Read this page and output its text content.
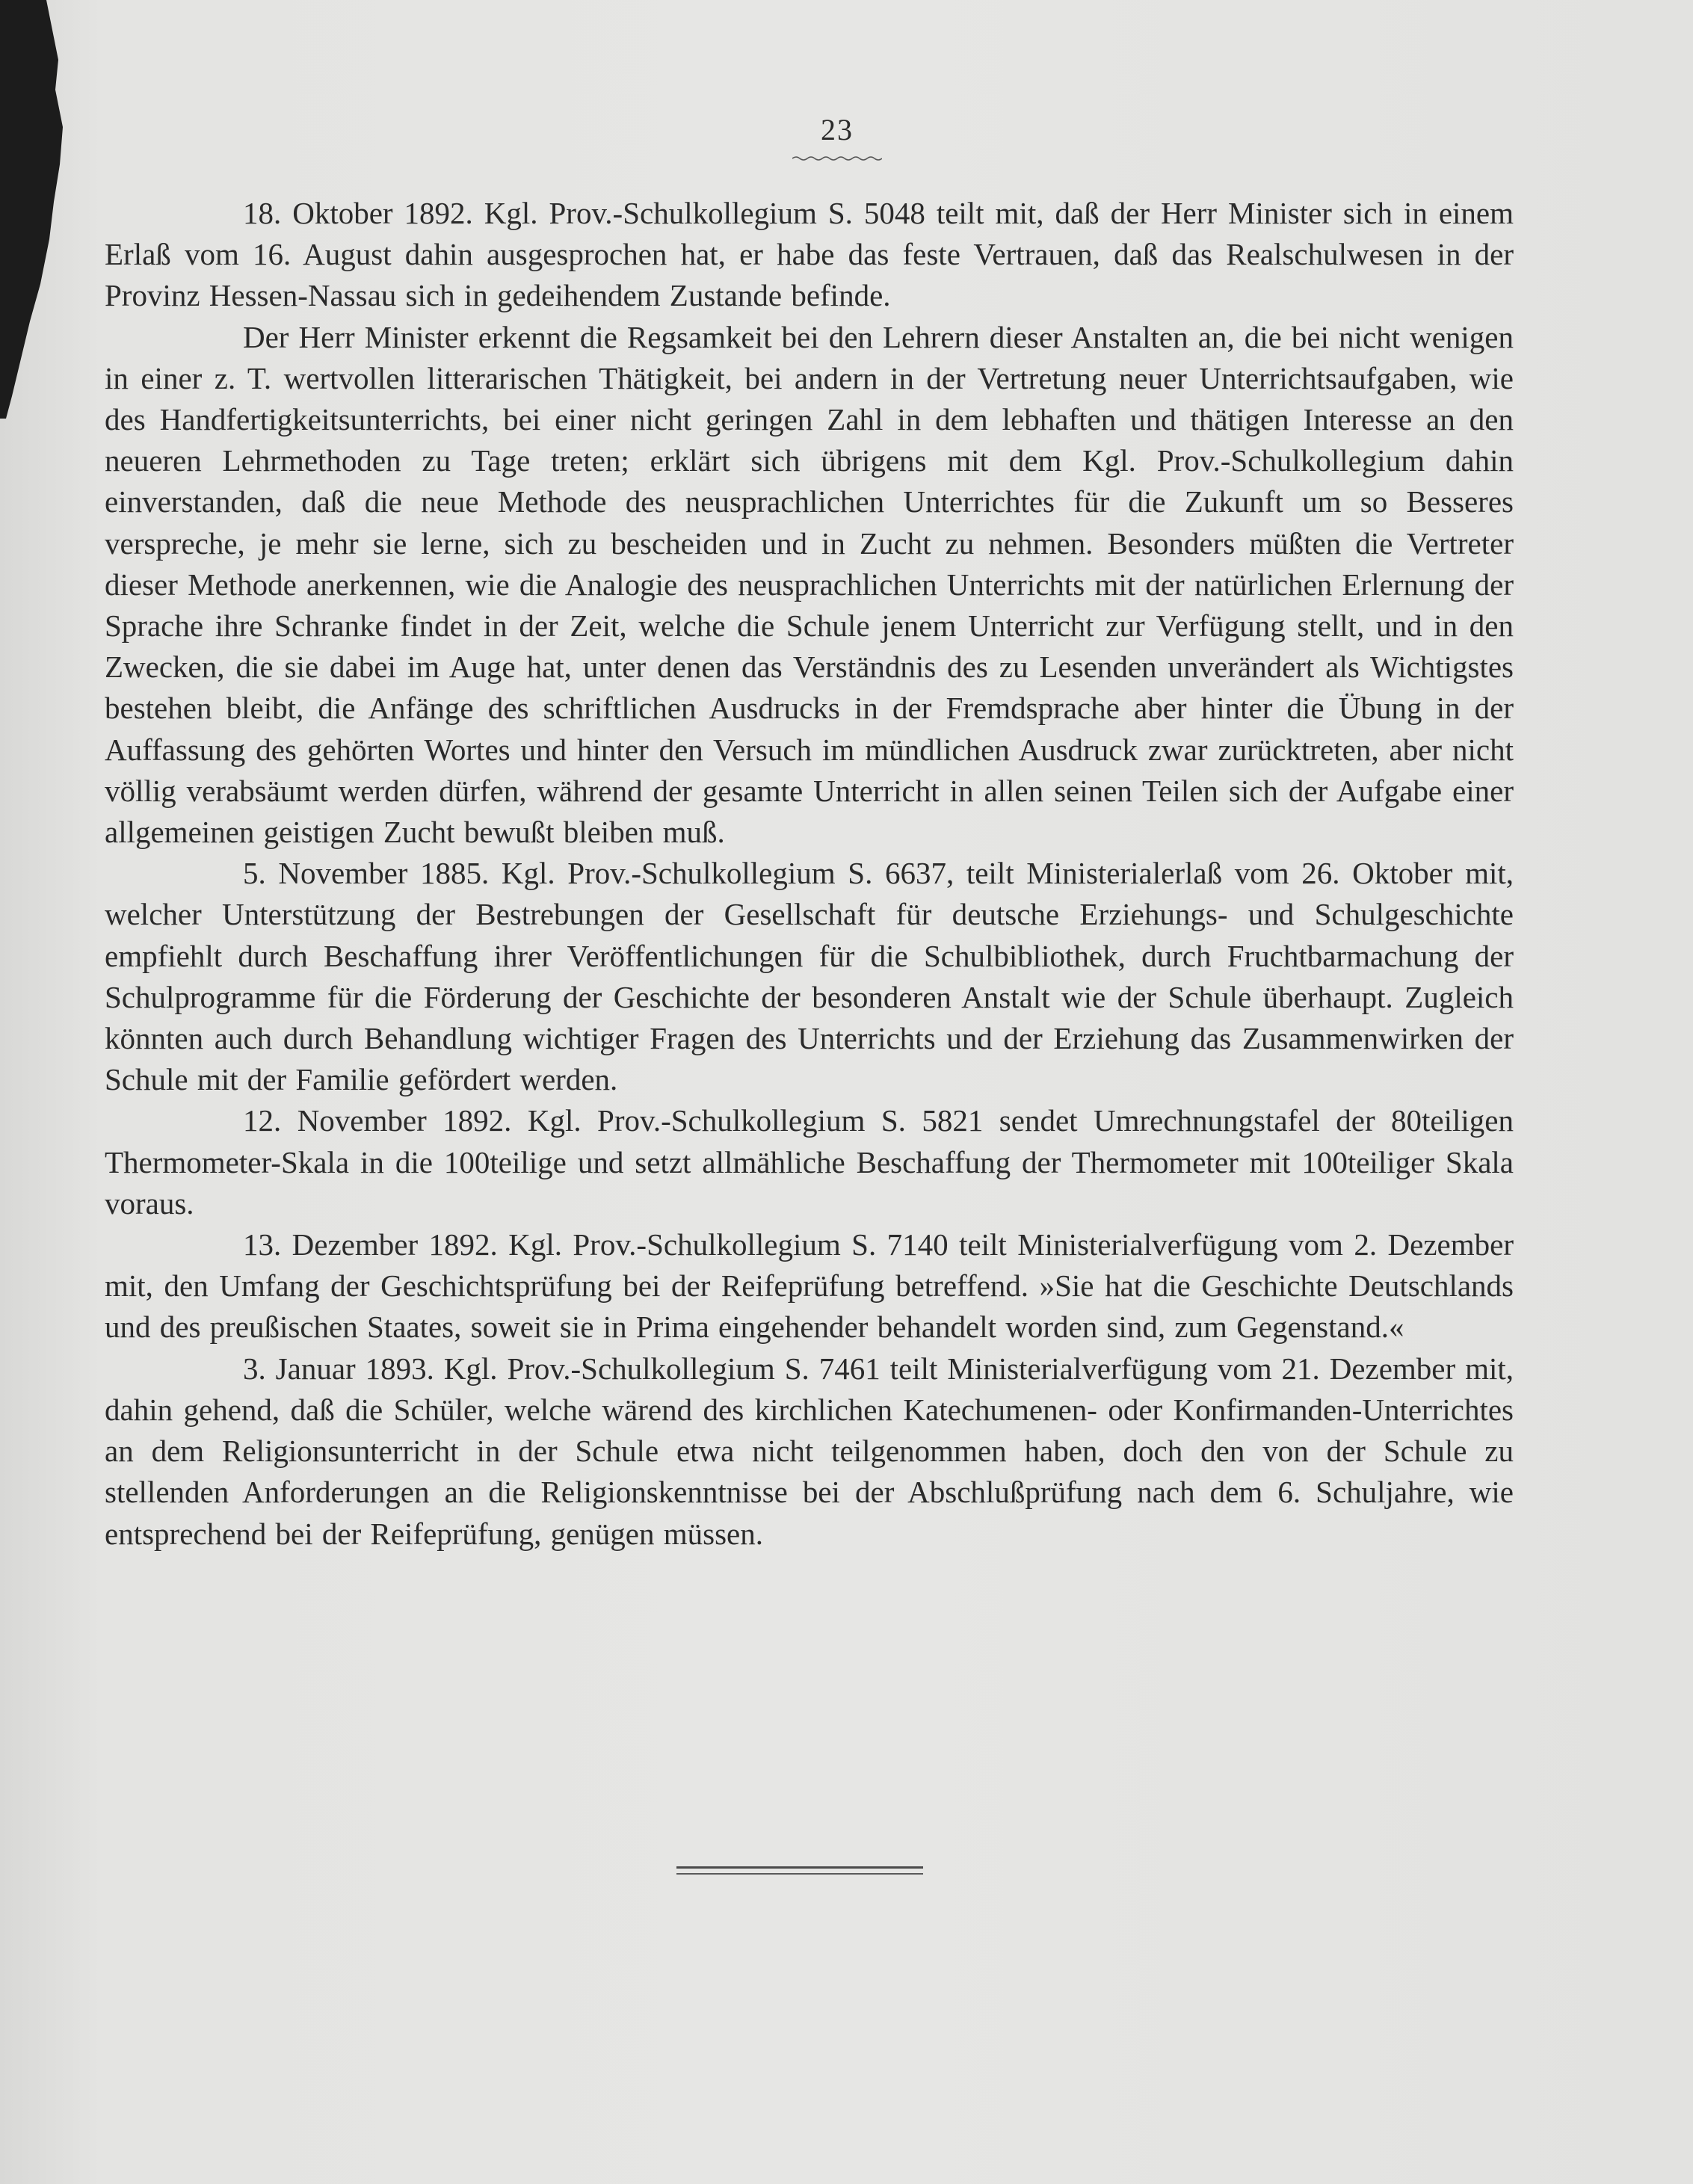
23

18. Oktober 1892. Kgl. Prov.-Schulkollegium S. 5048 teilt mit, daß der Herr Minister sich in einem Erlaß vom 16. August dahin ausgesprochen hat, er habe das feste Vertrauen, daß das Realschulwesen in der Provinz Hessen-Nassau sich in gedeihendem Zustande befinde.

Der Herr Minister erkennt die Regsamkeit bei den Lehrern dieser Anstalten an, die bei nicht wenigen in einer z. T. wertvollen litterarischen Thätigkeit, bei andern in der Vertretung neuer Unterrichtsaufgaben, wie des Handfertigkeitsunterrichts, bei einer nicht geringen Zahl in dem lebhaften und thätigen Interesse an den neueren Lehrmethoden zu Tage treten; erklärt sich übrigens mit dem Kgl. Prov.-Schulkollegium dahin einverstanden, daß die neue Methode des neusprachlichen Unterrichtes für die Zukunft um so Besseres verspreche, je mehr sie lerne, sich zu bescheiden und in Zucht zu nehmen. Besonders müßten die Vertreter dieser Methode anerkennen, wie die Analogie des neusprachlichen Unterrichts mit der natürlichen Erlernung der Sprache ihre Schranke findet in der Zeit, welche die Schule jenem Unterricht zur Verfügung stellt, und in den Zwecken, die sie dabei im Auge hat, unter denen das Verständnis des zu Lesenden unverändert als Wichtigstes bestehen bleibt, die Anfänge des schriftlichen Ausdrucks in der Fremdsprache aber hinter die Übung in der Auffassung des gehörten Wortes und hinter den Versuch im mündlichen Ausdruck zwar zurücktreten, aber nicht völlig verabsäumt werden dürfen, während der gesamte Unterricht in allen seinen Teilen sich der Aufgabe einer allgemeinen geistigen Zucht bewußt bleiben muß.

5. November 1885. Kgl. Prov.-Schulkollegium S. 6637, teilt Ministerialerlaß vom 26. Oktober mit, welcher Unterstützung der Bestrebungen der Gesellschaft für deutsche Erziehungs- und Schulgeschichte empfiehlt durch Beschaffung ihrer Veröffentlichungen für die Schulbibliothek, durch Fruchtbarmachung der Schulprogramme für die Förderung der Geschichte der besonderen Anstalt wie der Schule überhaupt. Zugleich könnten auch durch Behandlung wichtiger Fragen des Unterrichts und der Erziehung das Zusammenwirken der Schule mit der Familie gefördert werden.

12. November 1892. Kgl. Prov.-Schulkollegium S. 5821 sendet Umrechnungstafel der 80teiligen Thermometer-Skala in die 100teilige und setzt allmähliche Beschaffung der Thermometer mit 100teiliger Skala voraus.

13. Dezember 1892. Kgl. Prov.-Schulkollegium S. 7140 teilt Ministerialverfügung vom 2. Dezember mit, den Umfang der Geschichtsprüfung bei der Reifeprüfung betreffend. »Sie hat die Geschichte Deutschlands und des preußischen Staates, soweit sie in Prima eingehender behandelt worden sind, zum Gegenstand.«

3. Januar 1893. Kgl. Prov.-Schulkollegium S. 7461 teilt Ministerialverfügung vom 21. Dezember mit, dahin gehend, daß die Schüler, welche wärend des kirchlichen Katechumenen- oder Konfirmanden-Unterrichtes an dem Religionsunterricht in der Schule etwa nicht teilgenommen haben, doch den von der Schule zu stellenden Anforderungen an die Religionskenntnisse bei der Abschlußprüfung nach dem 6. Schuljahre, wie entsprechend bei der Reifeprüfung, genügen müssen.
